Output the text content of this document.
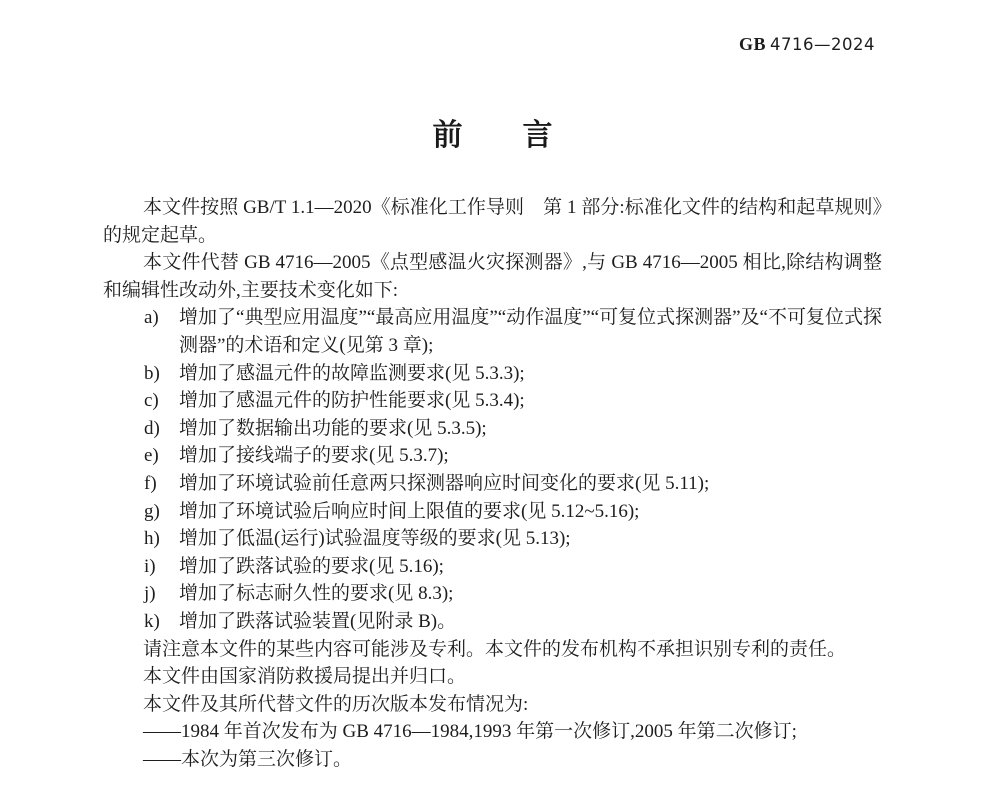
GB 4716—2024
前　　言

本文件按照 GB/T 1.1—2020《标准化工作导则　第 1 部分:标准化文件的结构和起草规则》的规定起草。

本文件代替 GB 4716—2005《点型感温火灾探测器》,与 GB 4716—2005 相比,除结构调整和编辑性改动外,主要技术变化如下:

a) 增加了“典型应用温度”“最高应用温度”“动作温度”“可复位式探测器”及“不可复位式探测器”的术语和定义(见第 3 章);
b) 增加了感温元件的故障监测要求(见 5.3.3);
c) 增加了感温元件的防护性能要求(见 5.3.4);
d) 增加了数据输出功能的要求(见 5.3.5);
e) 增加了接线端子的要求(见 5.3.7);
f) 增加了环境试验前任意两只探测器响应时间变化的要求(见 5.11);
g) 增加了环境试验后响应时间上限值的要求(见 5.12~5.16);
h) 增加了低温(运行)试验温度等级的要求(见 5.13);
i) 增加了跌落试验的要求(见 5.16);
j) 增加了标志耐久性的要求(见 8.3);
k) 增加了跌落试验装置(见附录 B)。

请注意本文件的某些内容可能涉及专利。本文件的发布机构不承担识别专利的责任。

本文件由国家消防救援局提出并归口。

本文件及其所代替文件的历次版本发布情况为:

——1984 年首次发布为 GB 4716—1984,1993 年第一次修订,2005 年第二次修订;

——本次为第三次修订。
